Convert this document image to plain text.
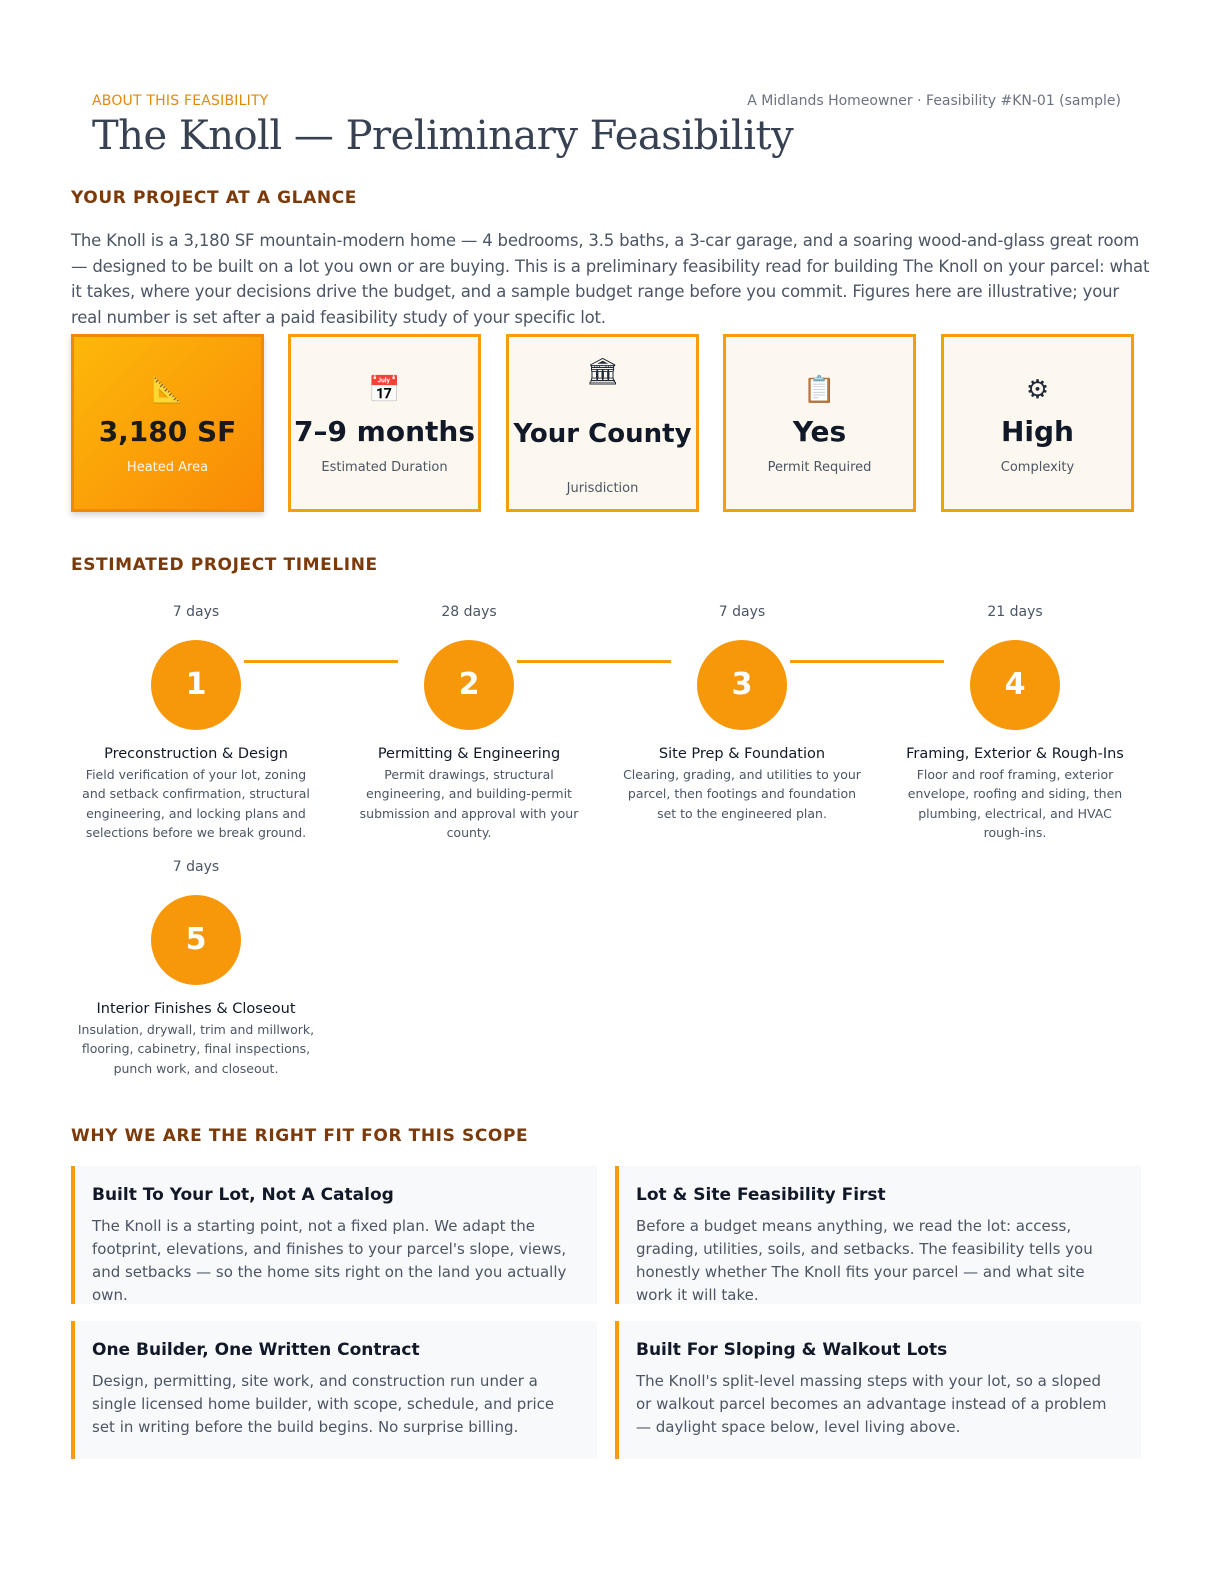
ABOUT THIS FEASIBILITY	A Midlands Homeowner · Feasibility #KN-01 (sample)
The Knoll — Preliminary Feasibility
YOUR PROJECT AT A GLANCE

The Knoll is a 3,180 SF mountain-modern home — 4 bedrooms, 3.5 baths, a 3-car garage, and a soaring wood-and-glass great room — designed to be built on a lot you own or are buying. This is a preliminary feasibility read for building The Knoll on your parcel: what it takes, where your decisions drive the budget, and a sample budget range before you commit. Figures here are illustrative; your real number is set after a paid feasibility study of your specific lot.

📐
3,180 SF
Heated Area
📅
7–9 months
Estimated Duration
🏛
Your County
Jurisdiction
📋
Yes
Permit Required
⚙
High
Complexity
ESTIMATED PROJECT TIMELINE
7 days
1
Preconstruction & Design
Field verification of your lot, zoning and setback confirmation, structural engineering, and locking plans and selections before we break ground.
28 days
2
Permitting & Engineering
Permit drawings, structural engineering, and building-permit submission and approval with your county.
7 days
3
Site Prep & Foundation
Clearing, grading, and utilities to your parcel, then footings and foundation set to the engineered plan.
21 days
4
Framing, Exterior & Rough-Ins
Floor and roof framing, exterior envelope, roofing and siding, then plumbing, electrical, and HVAC rough-ins.
7 days
5
Interior Finishes & Closeout
Insulation, drywall, trim and millwork, flooring, cabinetry, final inspections, punch work, and closeout.
WHY WE ARE THE RIGHT FIT FOR THIS SCOPE
Built To Your Lot, Not A Catalog

The Knoll is a starting point, not a fixed plan. We adapt the footprint, elevations, and finishes to your parcel's slope, views, and setbacks — so the home sits right on the land you actually own.

Lot & Site Feasibility First

Before a budget means anything, we read the lot: access, grading, utilities, soils, and setbacks. The feasibility tells you honestly whether The Knoll fits your parcel — and what site work it will take.

One Builder, One Written Contract

Design, permitting, site work, and construction run under a single licensed home builder, with scope, schedule, and price set in writing before the build begins. No surprise billing.

Built For Sloping & Walkout Lots

The Knoll's split-level massing steps with your lot, so a sloped or walkout parcel becomes an advantage instead of a problem — daylight space below, level living above.
